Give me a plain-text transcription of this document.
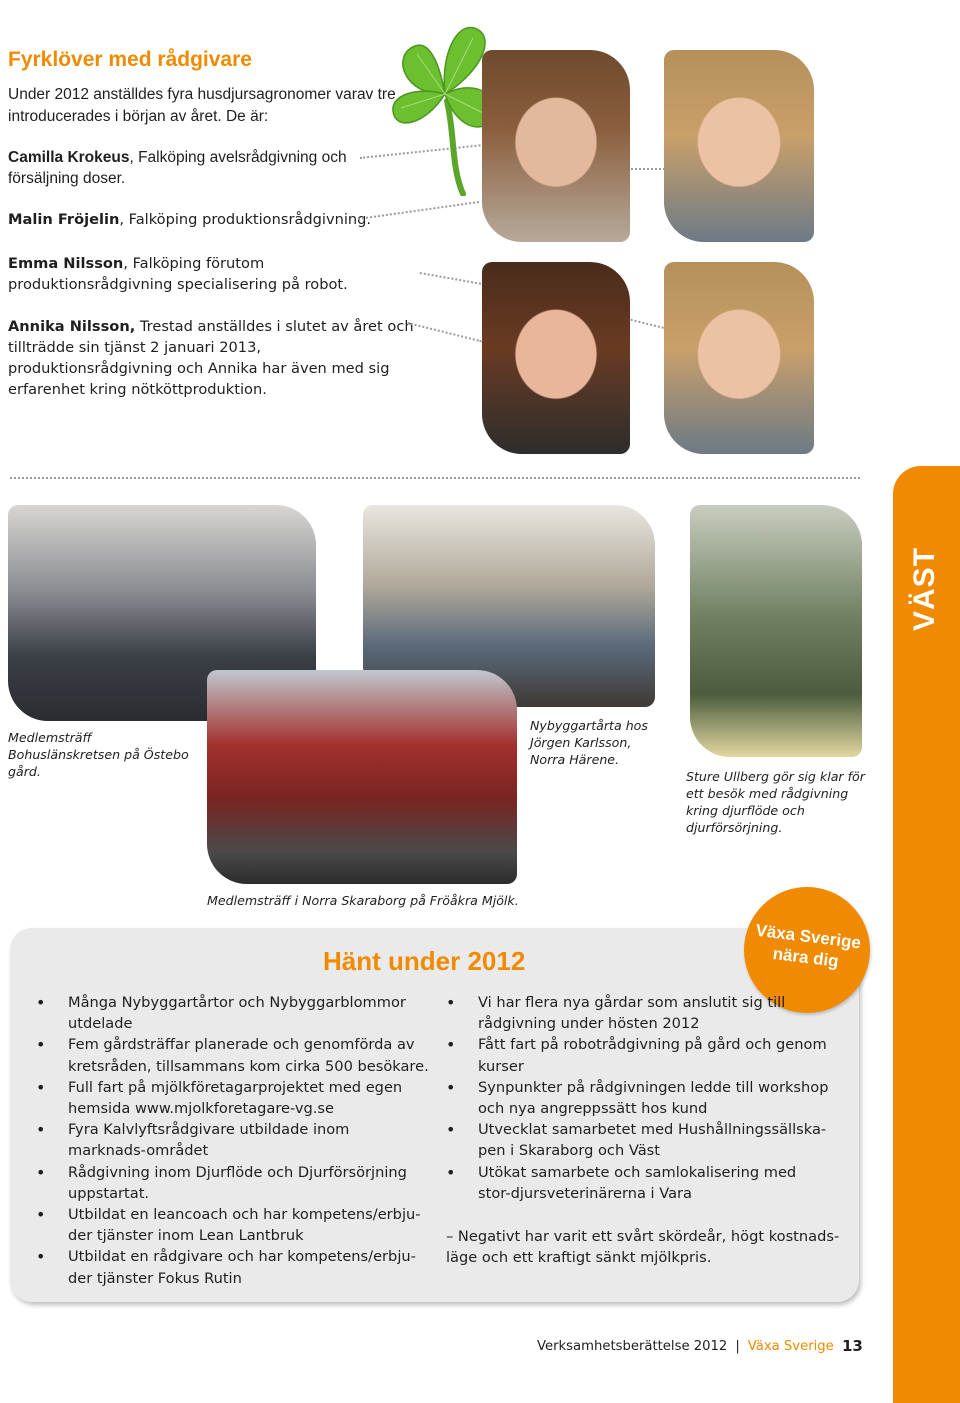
Fyrklöver med rådgivare
Under 2012 anställdes fyra husdjursagronomer varav tre introducerades i början av året. De är:
Camilla Krokeus, Falköping avelsrådgivning och försäljning doser.
Malin Fröjelin, Falköping produktionsrådgivning.
Emma Nilsson, Falköping förutom produktionsrådgivning specialisering på robot.
Annika Nilsson, Trestad anställdes i slutet av året och tillträdde sin tjänst 2 januari 2013, produktionsrådgivning och Annika har även med sig erfarenhet kring nötköttproduktion.
Medlemsträff Bohuslänskretsen på Östebo gård.
Nybyggartårta hos Jörgen Karlsson, Norra Härene.
Sture Ullberg gör sig klar för ett besök med rådgivning kring djurflöde och djurförsörjning.
Medlemsträff i Norra Skaraborg på Fröåkra Mjölk.
VÄST
Hänt under 2012
Växa Sverige nära dig
• Många Nybyggartårtor och Nybyggarblommor utdelade
• Fem gårdsträffar planerade och genomförda av kretsråden, tillsammans kom cirka 500 besökare.
• Full fart på mjölkföretagarprojektet med egen hemsida www.mjolkforetagare-vg.se
• Fyra Kalvlyftsrådgivare utbildade inom marknads-området
• Rådgivning inom Djurflöde och Djurförsörjning uppstartat.
• Utbildat en leancoach och har kompetens/erbju-der tjänster inom Lean Lantbruk
• Utbildat en rådgivare och har kompetens/erbju-der tjänster Fokus Rutin
• Vi har flera nya gårdar som anslutit sig till rådgivning under hösten 2012
• Fått fart på robotrådgivning på gård och genom kurser
• Synpunkter på rådgivningen ledde till workshop och nya angreppssätt hos kund
• Utvecklat samarbetet med Hushållningssällska-pen i Skaraborg och Väst
• Utökat samarbete och samlokalisering med stor-djursveterinärerna i Vara
– Negativt har varit ett svårt skördeår, högt kostnads-läge och ett kraftigt sänkt mjölkpris.
Verksamhetsberättelse 2012 | Växa Sverige 13
